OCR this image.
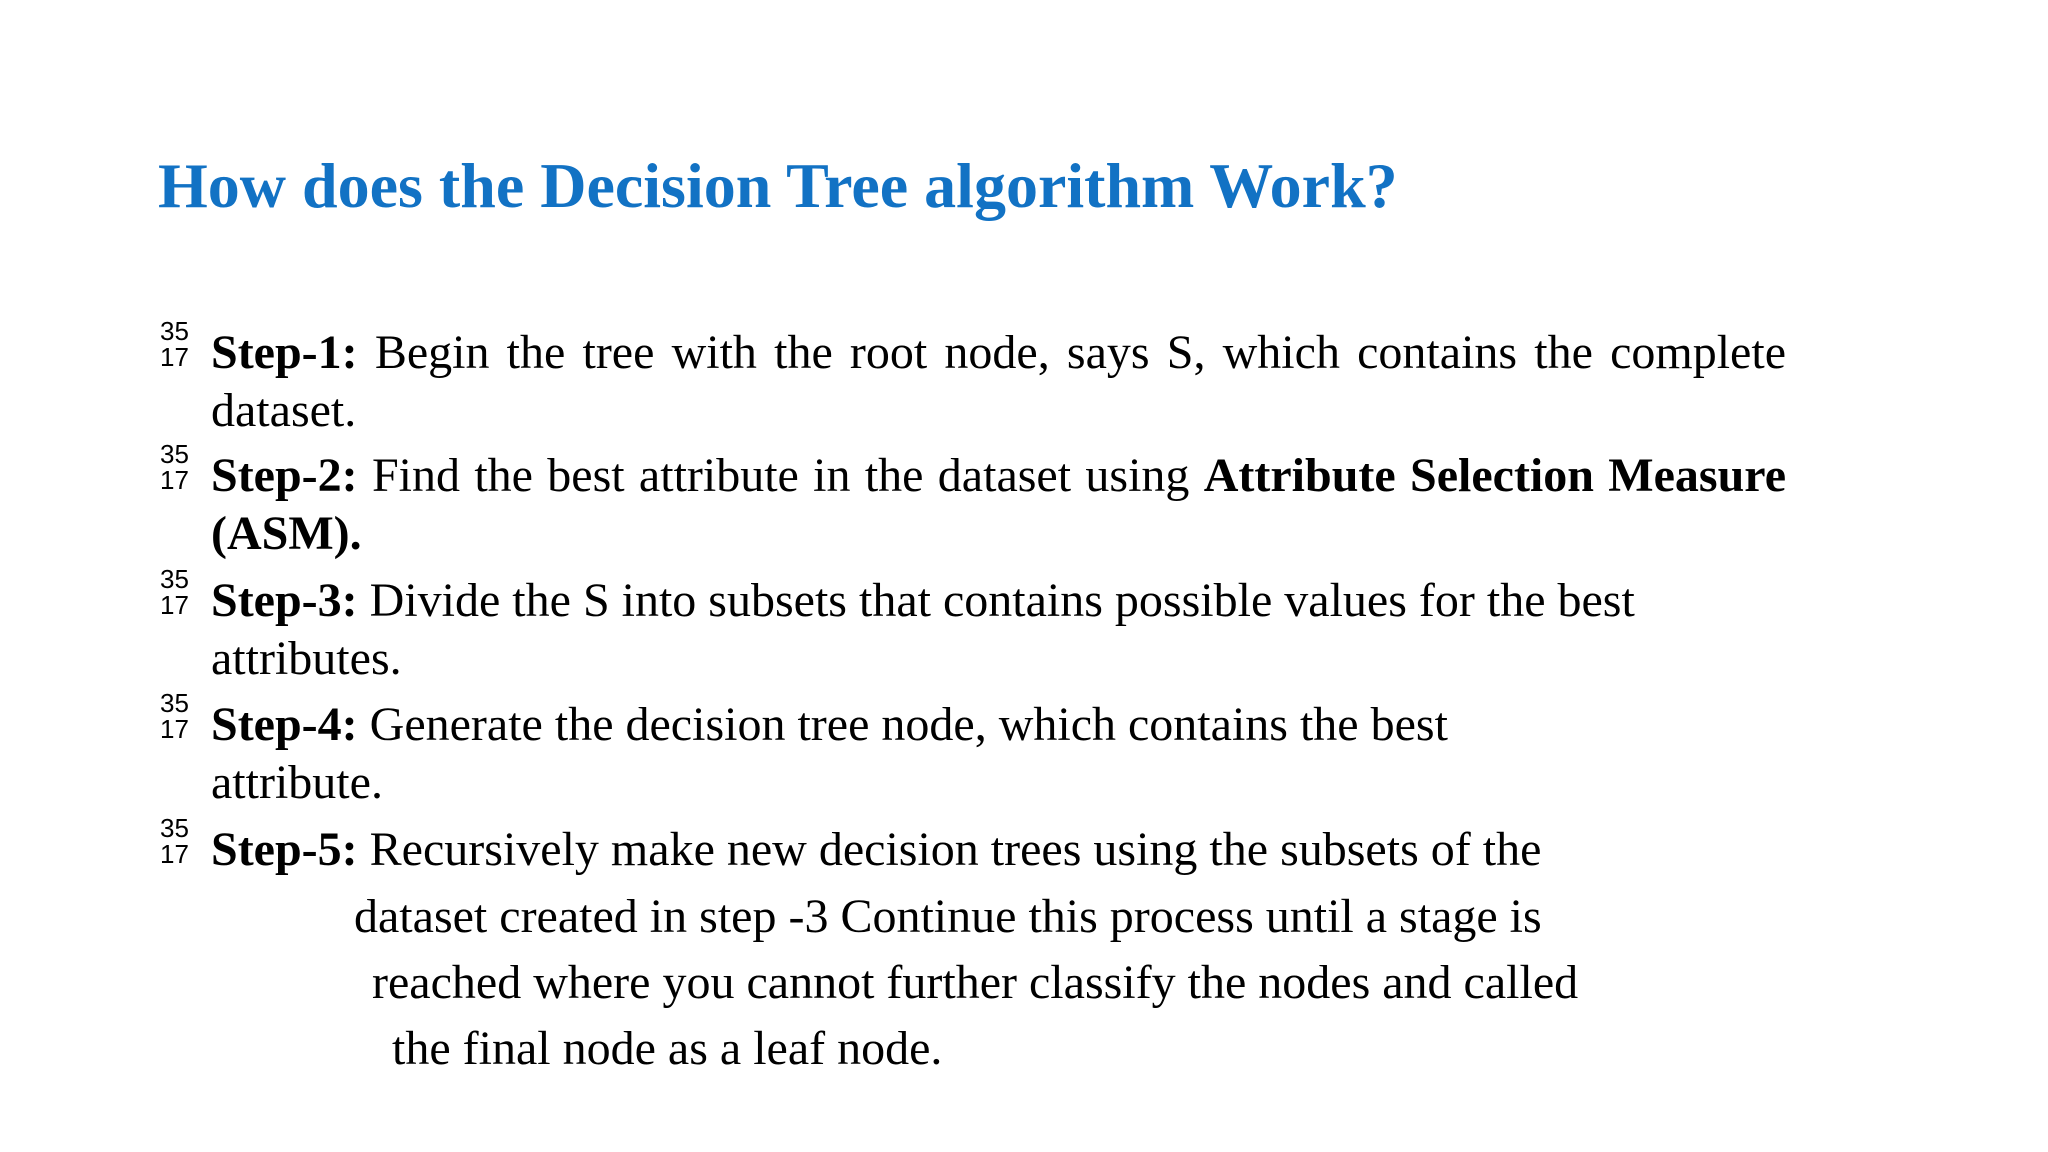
How does the Decision Tree algorithm Work?
35
17 Step-1: Begin the tree with the root node, says S, which contains the complete dataset.
35
17 Step-2: Find the best attribute in the dataset using Attribute Selection Measure (ASM).
35
17 Step-3: Divide the S into subsets that contains possible values for the best attributes.
35
17 Step-4: Generate the decision tree node, which contains the best attribute.
35
17 Step-5: Recursively make new decision trees using the subsets of the
dataset created in step -3 Continue this process until a stage is
reached where you cannot further classify the nodes and called
the final node as a leaf node.
